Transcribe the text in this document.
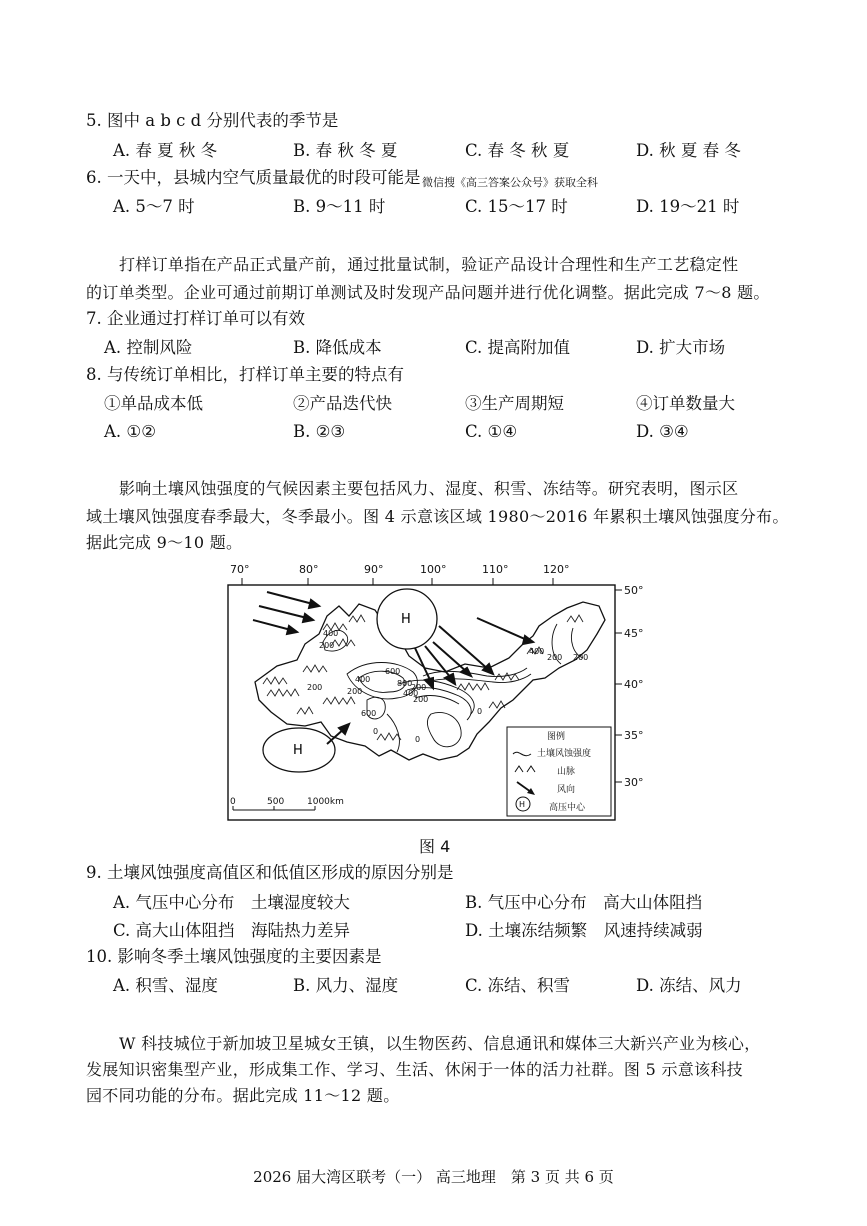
5. 图中 a b c d 分别代表的季节是
A. 春 夏 秋 冬	B. 春 秋 冬 夏	C. 春 冬 秋 夏	D. 秋 夏 春 冬
6. 一天中，县城内空气质量最优的时段可能是 微信搜《高三答案公众号》获取全科
A. 5～7 时	B. 9～11 时	C. 15～17 时	D. 19～21 时
打样订单指在产品正式量产前，通过批量试制，验证产品设计合理性和生产工艺稳定性
的订单类型。企业可通过前期订单测试及时发现产品问题并进行优化调整。据此完成 7～8 题。
7. 企业通过打样订单可以有效
A. 控制风险	B. 降低成本	C. 提高附加值	D. 扩大市场
8. 与传统订单相比，打样订单主要的特点有
①单品成本低	②产品迭代快	③生产周期短	④订单数量大
A. ①②	B. ②③	C. ①④	D. ③④
影响土壤风蚀强度的气候因素主要包括风力、湿度、积雪、冻结等。研究表明，图示区
域土壤风蚀强度春季最大，冬季最小。图 4 示意该区域 1980～2016 年累积土壤风蚀强度分布。
据此完成 9～10 题。
70°	80°	90°	100°	110°	120°
50°
45°
40°
35°
30°
400
200
200
400
600
800
400
200
200
600
200
0
0
0
200
400
200
H
H
0	500	1000km
图例
土壤风蚀强度
山脉
风向
H	高压中心
图 4
9. 土壤风蚀强度高值区和低值区形成的原因分别是
A. 气压中心分布　土壤湿度较大	B. 气压中心分布　高大山体阻挡
C. 高大山体阻挡　海陆热力差异	D. 土壤冻结频繁　风速持续减弱
10. 影响冬季土壤风蚀强度的主要因素是
A. 积雪、湿度	B. 风力、湿度	C. 冻结、积雪	D. 冻结、风力
W 科技城位于新加坡卫星城女王镇，以生物医药、信息通讯和媒体三大新兴产业为核心，
发展知识密集型产业，形成集工作、学习、生活、休闲于一体的活力社群。图 5 示意该科技
园不同功能的分布。据此完成 11～12 题。
2026 届大湾区联考（一） 高三地理　第 3 页 共 6 页
